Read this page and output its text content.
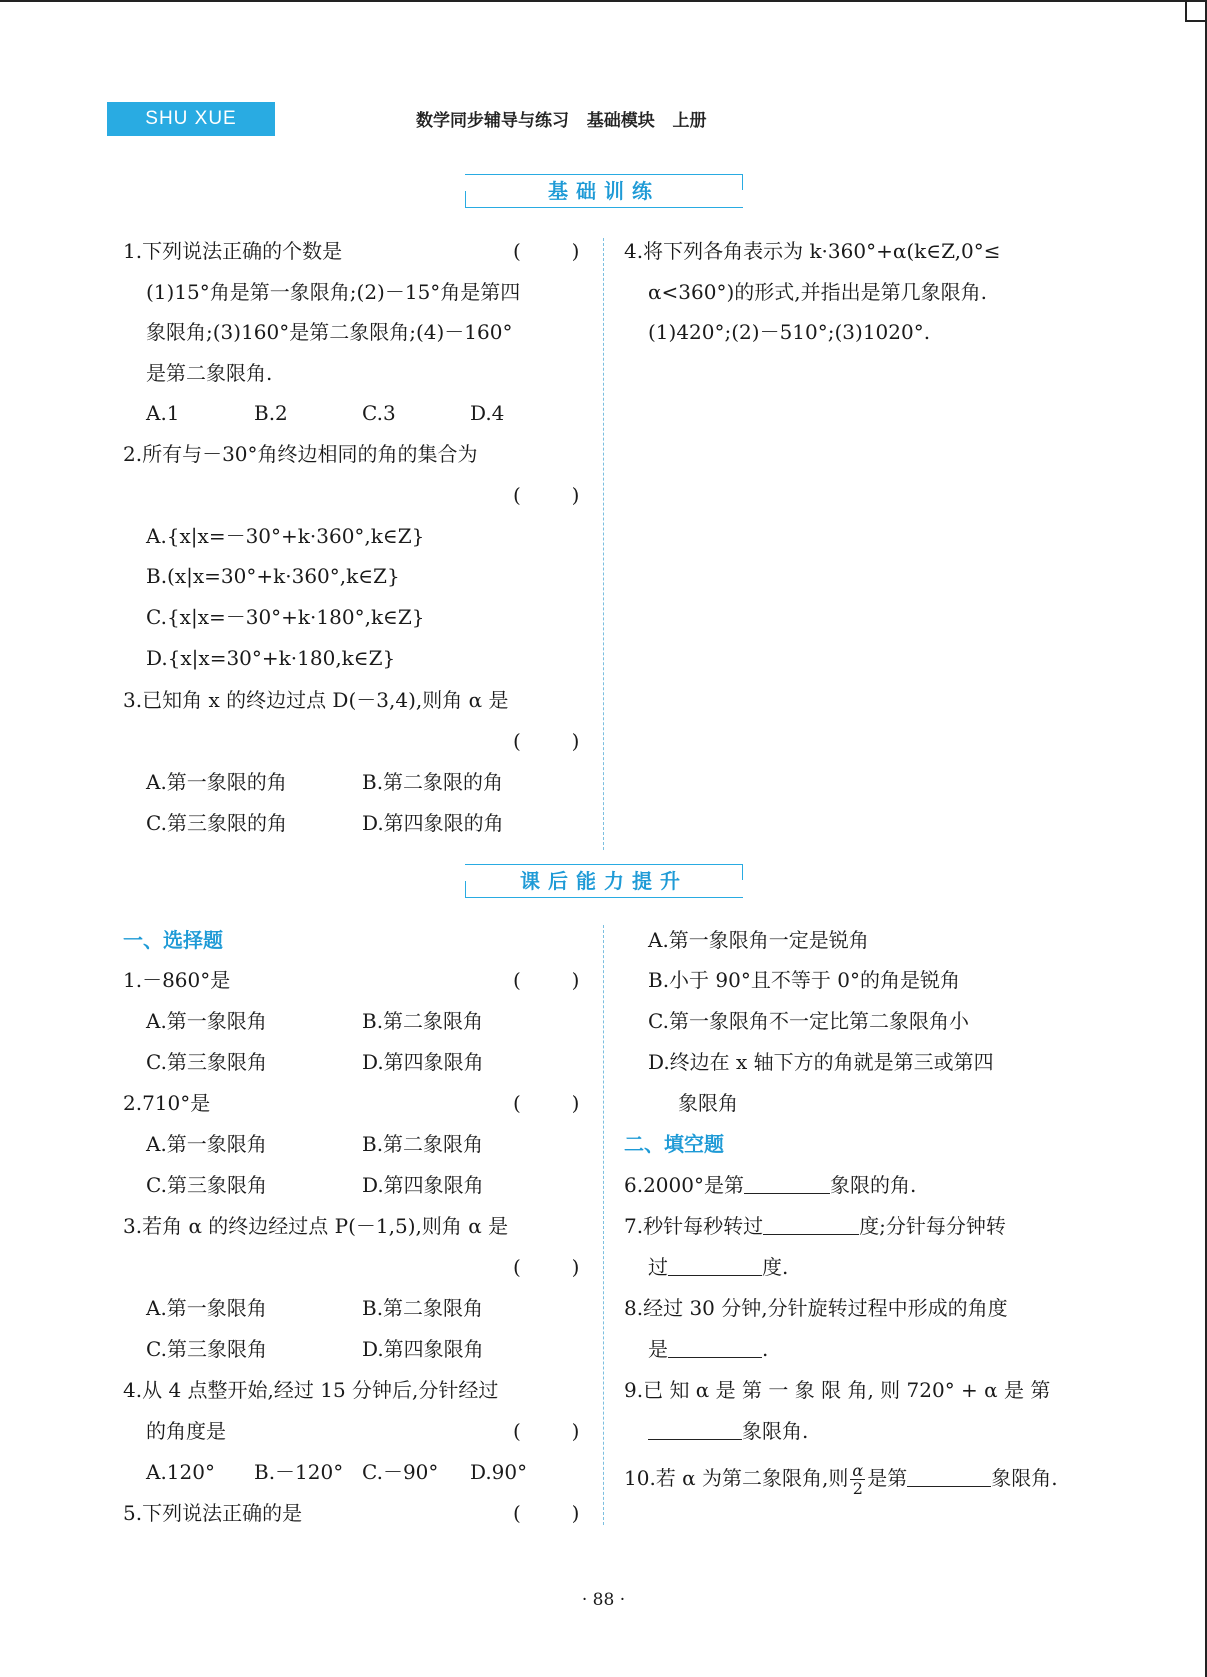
SHU XUE	数学同步辅导与练习   基础模块   上册
基础训练
1.下列说法正确的个数是	(        )
(1)15°角是第一象限角;(2)－15°角是第四
象限角;(3)160°是第二象限角;(4)－160°
是第二象限角.
A.1	B.2	C.3	D.4
2.所有与－30°角终边相同的角的集合为
(        )
A.{x|x=－30°+k·360°,k∈Z}
B.(x|x=30°+k·360°,k∈Z}
C.{x|x=－30°+k·180°,k∈Z}
D.{x|x=30°+k·180,k∈Z}
3.已知角 x 的终边过点 D(－3,4),则角 α 是
(        )
A.第一象限的角	B.第二象限的角
C.第三象限的角	D.第四象限的角
4.将下列各角表示为 k·360°+α(k∈Z,0°≤
α<360°)的形式,并指出是第几象限角.
(1)420°;(2)－510°;(3)1020°.
课后能力提升
一、选择题
1.－860°是	(        )
A.第一象限角	B.第二象限角
C.第三象限角	D.第四象限角
2.710°是	(        )
A.第一象限角	B.第二象限角
C.第三象限角	D.第四象限角
3.若角 α 的终边经过点 P(－1,5),则角 α 是
(        )
A.第一象限角	B.第二象限角
C.第三象限角	D.第四象限角
4.从 4 点整开始,经过 15 分钟后,分针经过
的角度是	(        )
A.120° B.－120° C.－90° D.90°
5.下列说法正确的是	(        )
A.第一象限角一定是锐角
B.小于 90°且不等于 0°的角是锐角
C.第一象限角不一定比第二象限角小
D.终边在 x 轴下方的角就是第三或第四
象限角
二、填空题
6.2000°是第	象限的角.
7.秒针每秒转过	度;分针每分钟转
过	度.
8.经过 30 分钟,分针旋转过程中形成的角度
是	.
9.已 知 α 是 第 一 象 限 角, 则 720° + α 是 第
象限角.
10.若 α 为第二象限角,则 $\frac{\alpha}{2}$ 是第	象限角.
· 88 ·
